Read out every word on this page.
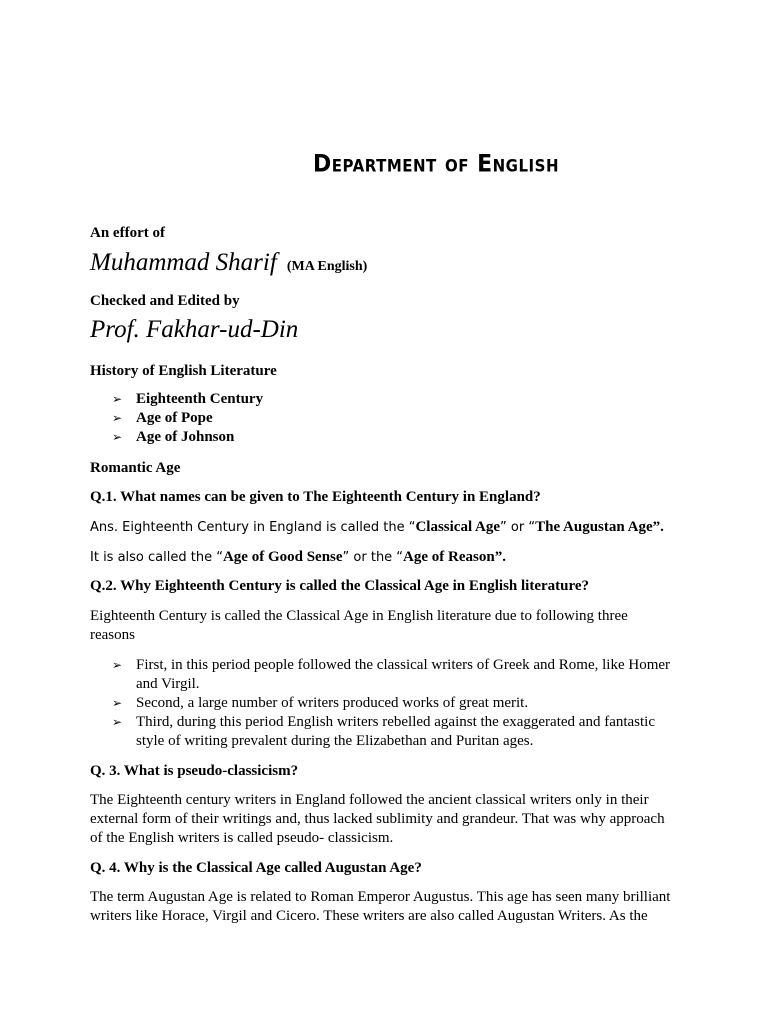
Department of English
An effort of
Muhammad Sharif (MA English)
Checked and Edited by
Prof. Fakhar-ud-Din
History of English Literature
➢ Eighteenth Century
➢ Age of Pope
➢ Age of Johnson
Romantic Age
Q.1. What names can be given to The Eighteenth Century in England?
Ans. Eighteenth Century in England is called the “Classical Age” or “The Augustan Age”.
It is also called the “Age of Good Sense” or the “Age of Reason”.
Q.2. Why Eighteenth Century is called the Classical Age in English literature?
Eighteenth Century is called the Classical Age in English literature due to following three reasons
➢ First, in this period people followed the classical writers of Greek and Rome, like Homer and Virgil.
➢ Second, a large number of writers produced works of great merit.
➢ Third, during this period English writers rebelled against the exaggerated and fantastic style of writing prevalent during the Elizabethan and Puritan ages.
Q. 3. What is pseudo-classicism?
The Eighteenth century writers in England followed the ancient classical writers only in their external form of their writings and, thus lacked sublimity and grandeur. That was why approach of the English writers is called pseudo- classicism.
Q. 4. Why is the Classical Age called Augustan Age?
The term Augustan Age is related to Roman Emperor Augustus. This age has seen many brilliant writers like Horace, Virgil and Cicero. These writers are also called Augustan Writers. As the
